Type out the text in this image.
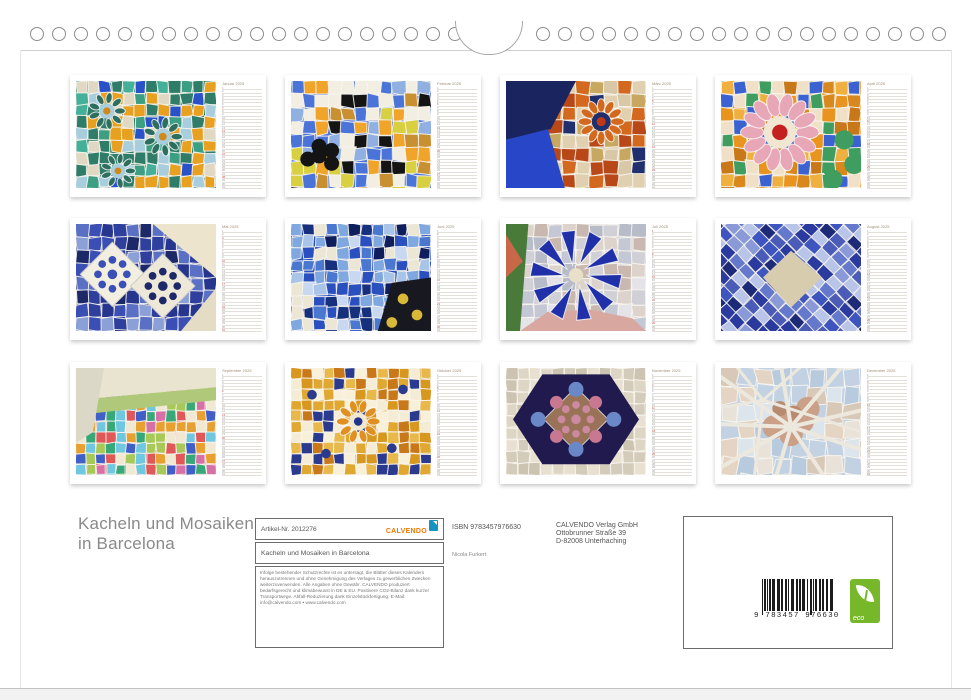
Januar 2025
1
2
3
4
5
6
7
8
9
10
11
12
13
14
15
16
17
18
19
20
21
22
23
24
25
26
27
28
29
30
31
Februar 2025
1
2
3
4
5
6
7
8
9
10
11
12
13
14
15
16
17
18
19
20
21
22
23
24
25
26
27
28
29
30
31
März 2025
1
2
3
4
5
6
7
8
9
10
11
12
13
14
15
16
17
18
19
20
21
22
23
24
25
26
27
28
29
30
31
April 2025
1
2
3
4
5
6
7
8
9
10
11
12
13
14
15
16
17
18
19
20
21
22
23
24
25
26
27
28
29
30
31
Mai 2025
1
2
3
4
5
6
7
8
9
10
11
12
13
14
15
16
17
18
19
20
21
22
23
24
25
26
27
28
29
30
31
Juni 2025
1
2
3
4
5
6
7
8
9
10
11
12
13
14
15
16
17
18
19
20
21
22
23
24
25
26
27
28
29
30
31
Juli 2025
1
2
3
4
5
6
7
8
9
10
11
12
13
14
15
16
17
18
19
20
21
22
23
24
25
26
27
28
29
30
31
August 2025
1
2
3
4
5
6
7
8
9
10
11
12
13
14
15
16
17
18
19
20
21
22
23
24
25
26
27
28
29
30
31
September 2025
1
2
3
4
5
6
7
8
9
10
11
12
13
14
15
16
17
18
19
20
21
22
23
24
25
26
27
28
29
30
31
Oktober 2025
1
2
3
4
5
6
7
8
9
10
11
12
13
14
15
16
17
18
19
20
21
22
23
24
25
26
27
28
29
30
31
November 2025
1
2
3
4
5
6
7
8
9
10
11
12
13
14
15
16
17
18
19
20
21
22
23
24
25
26
27
28
29
30
31
Dezember 2025
1
2
3
4
5
6
7
8
9
10
11
12
13
14
15
16
17
18
19
20
21
22
23
24
25
26
27
28
29
30
31
Kacheln und Mosaiken
in Barcelona
Artikel-Nr. 2012276	CALVENDO
Kacheln und Mosaiken in Barcelona
Infolge bestehender Schutzrechte ist es untersagt, die Blätter dieses Kalenders herauszutrennen und ohne Genehmigung des Verlages zu gewerblichen Zwecken weiterzuverwenden. Alle Angaben ohne Gewähr. CALVENDO produziert bedarfsgerecht und klimabewusst in DE & EU. Positivere CO2-Bilanz dank kurzer Transportwege. Abfall-Reduzierung dank Einzelstückfertigung. E-Mail: info@calvendo.com • www.calvendo.com
ISBN 9783457976630	CALVENDO Verlag GmbH
Ottobrunner Straße 39
D-82008 Unterhaching
Nicola Furkert
9 783457 976630	eco
